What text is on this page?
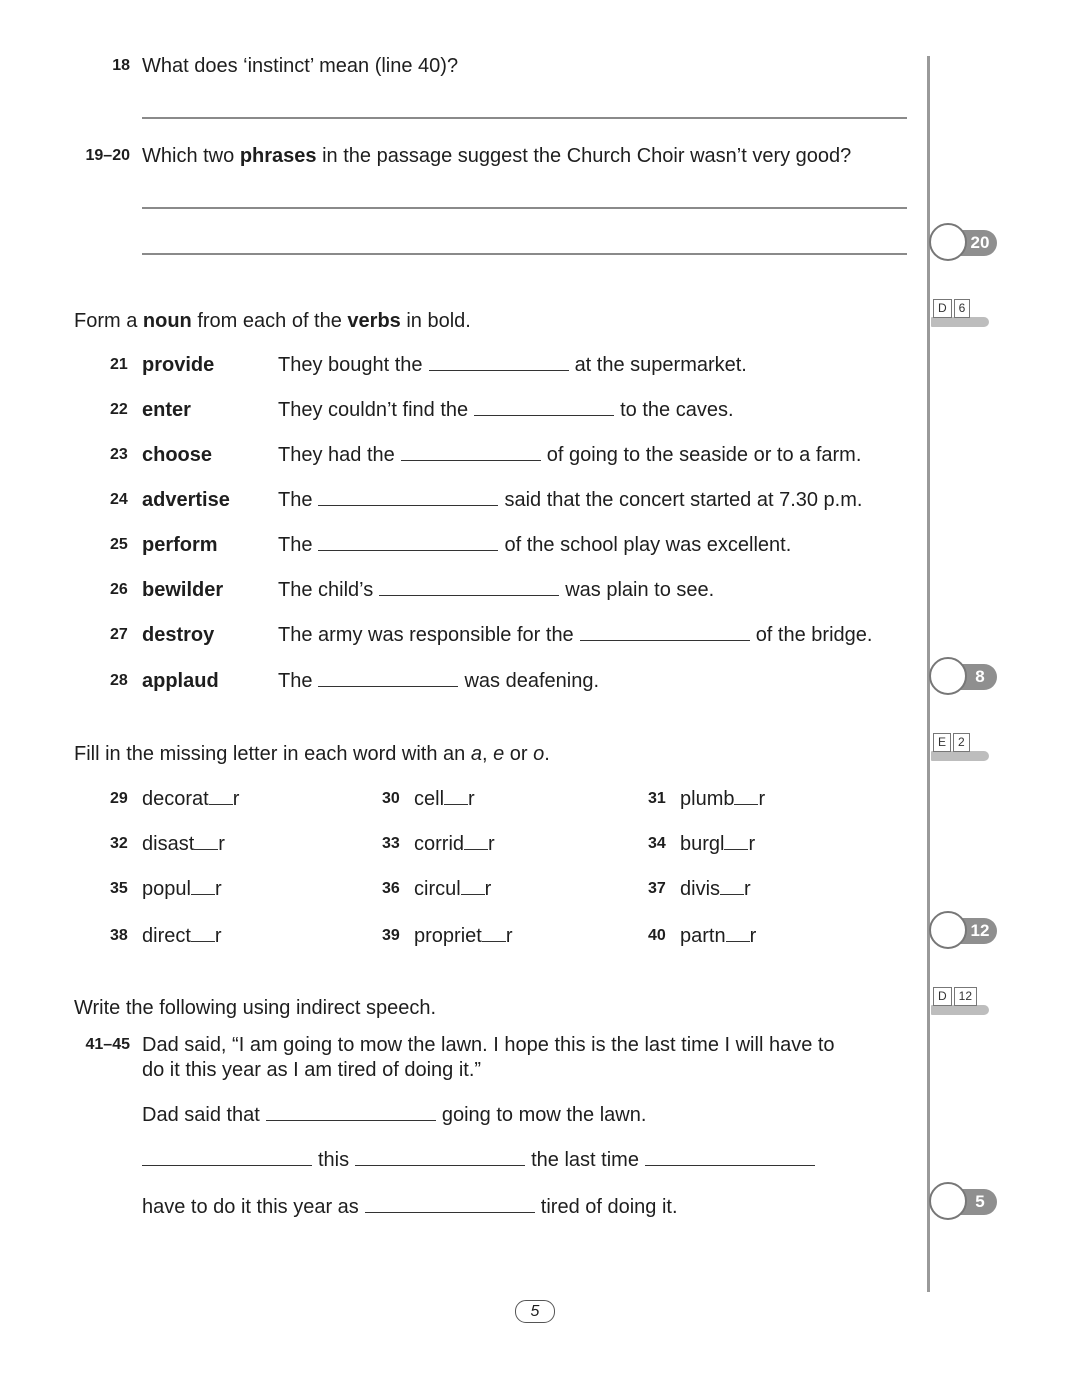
18 What does ‘instinct’ mean (line 40)?
19–20 Which two phrases in the passage suggest the Church Choir wasn’t very good?
20
D	6
8
E	2
12
D	12
5
Form a noun from each of the verbs in bold.
21 provide	They bought the	at the supermarket.
22 enter	They couldn’t find the	to the caves.
23 choose	They had the	of going to the seaside or to a farm.
24 advertise The	said that the concert started at 7.30 p.m.
25 perform	The	of the school play was excellent.
26 bewilder	The child’s	was plain to see.
27 destroy	The army was responsible for the	of the bridge.
28 applaud	The	was deafening.
Fill in the missing letter in each word with an a, e or o.
29 decorat r	30 cell r	31 plumb r
32 disast r	33 corrid r	34 burgl r
35 popul r	36 circul r	37 divis r
38 direct r	39 propriet r	40 partn r
Write the following using indirect speech.
41–45 Dad said, “I am going to mow the lawn. I hope this is the last time I will have to
do it this year as I am tired of doing it.”
Dad said that	going to mow the lawn.
this	the last time
have to do it this year as	tired of doing it.
5
